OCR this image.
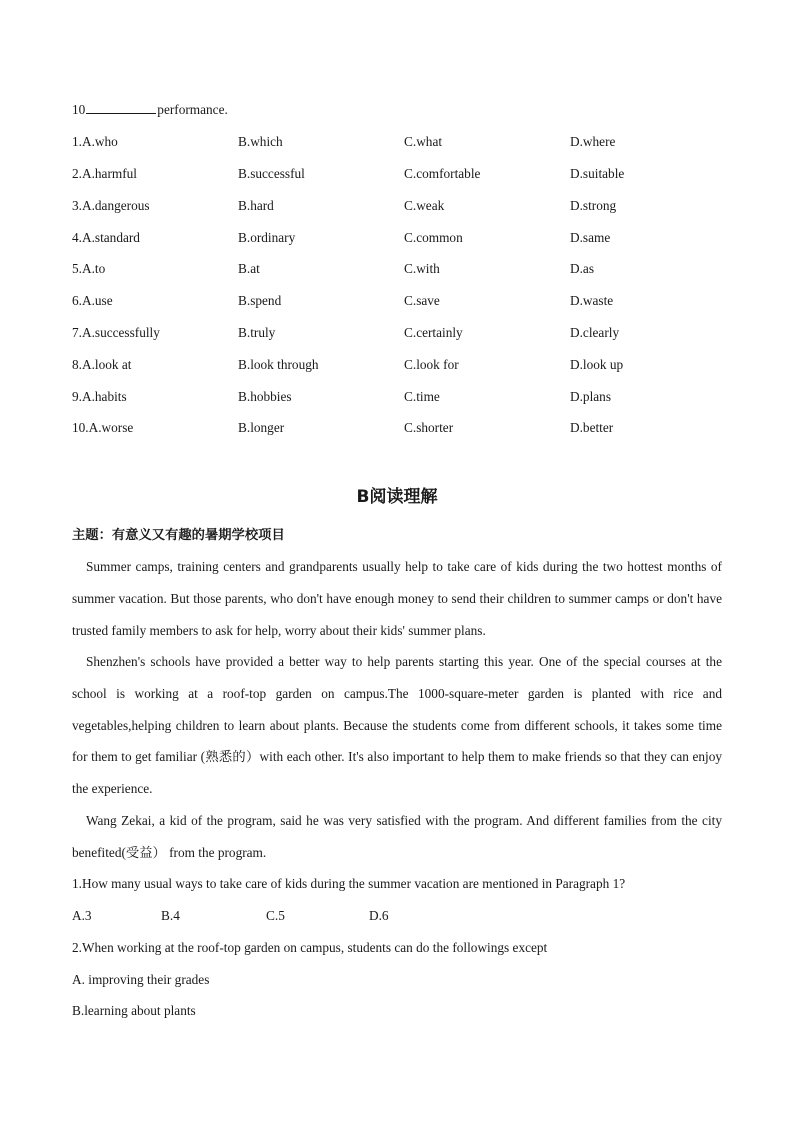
10	performance.
1.A.who	B.which	C.what	D.where
2.A.harmful	B.successful	C.comfortable	D.suitable
3.A.dangerous	B.hard	C.weak	D.strong
4.A.standard	B.ordinary	C.common	D.same
5.A.to	B.at	C.with	D.as
6.A.use	B.spend	C.save	D.waste
7.A.successfully	B.truly	C.certainly	D.clearly
8.A.look at	B.look through	C.look for	D.look up
9.A.habits	B.hobbies	C.time	D.plans
10.A.worse	B.longer	C.shorter	D.better
B阅读理解
主题：有意义又有趣的暑期学校项目

Summer camps, training centers and grandparents usually help to take care of kids during the two hottest months of summer vacation. But those parents, who don't have enough money to send their children to summer camps or don't have trusted family members to ask for help, worry about their kids' summer plans.

Shenzhen's schools have provided a better way to help parents starting this year. One of the special courses at the school is working at a roof-top garden on campus.The 1000-square-meter garden is planted with rice and vegetables,helping children to learn about plants. Because the students come from different schools, it takes some time for them to get familiar (熟悉的）with each other. It's also important to help them to make friends so that they can enjoy the experience.

Wang Zekai, a kid of the program, said he was very satisfied with the program. And different families from the city benefited(受益） from the program.

1.How many usual ways to take care of kids during the summer vacation are mentioned in Paragraph 1?
A.3	B.4	C.5	D.6
2.When working at the roof-top garden on campus, students can do the followings except
A. improving their grades
B.learning about plants
